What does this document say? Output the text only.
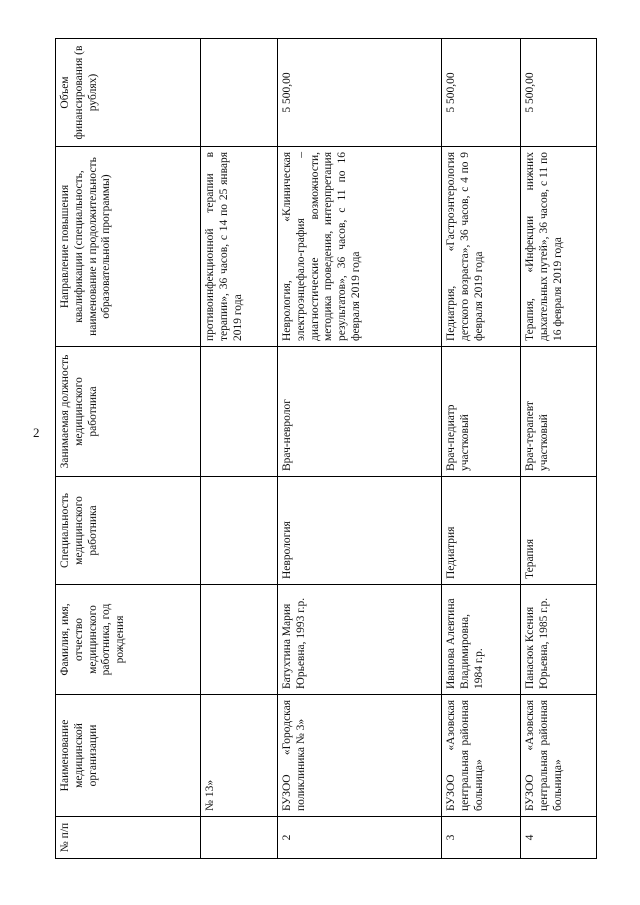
2
№ п/п	Наименование медицинской организации	Фамилия, имя, отчество медицинского работника, год рождения	Специальность медицинского работника	Занимаемая должность медицинского работника	Направление повышения квалификации (специальность, наименование и продолжительность образовательной программы)	Объем финансирования (в рублях)
	№ 13»				противоинфекционной терапии в терапии», 36 часов, с 14 по 25 января 2019 года	
2	БУЗОО «Городская поликлиника № 3»	Батухтина Мария Юрьевна, 1993 г.р.	Неврология	Врач-невролог	Неврология, «Клиническая электроэнцефало-графия – диагностические возможности, методика проведения, интерпретация результатов», 36 часов, с 11 по 16 февраля 2019 года	5 500,00
3	БУЗОО «Азовская центральная районная больница»	Иванова Алевтина Владимировна, 1984 г.р.	Педиатрия	Врач-педиатр участковый	Педиатрия, «Гастроэнтерология детского возраста», 36 часов, с 4 по 9 февраля 2019 года	5 500,00
4	БУЗОО «Азовская центральная районная больница»	Панасюк Ксения Юрьевна, 1985 г.р.	Терапия	Врач-терапевт участковый	Терапия, «Инфекции нижних дыхательных путей», 36 часов, с 11 по 16 февраля 2019 года	5 500,00
